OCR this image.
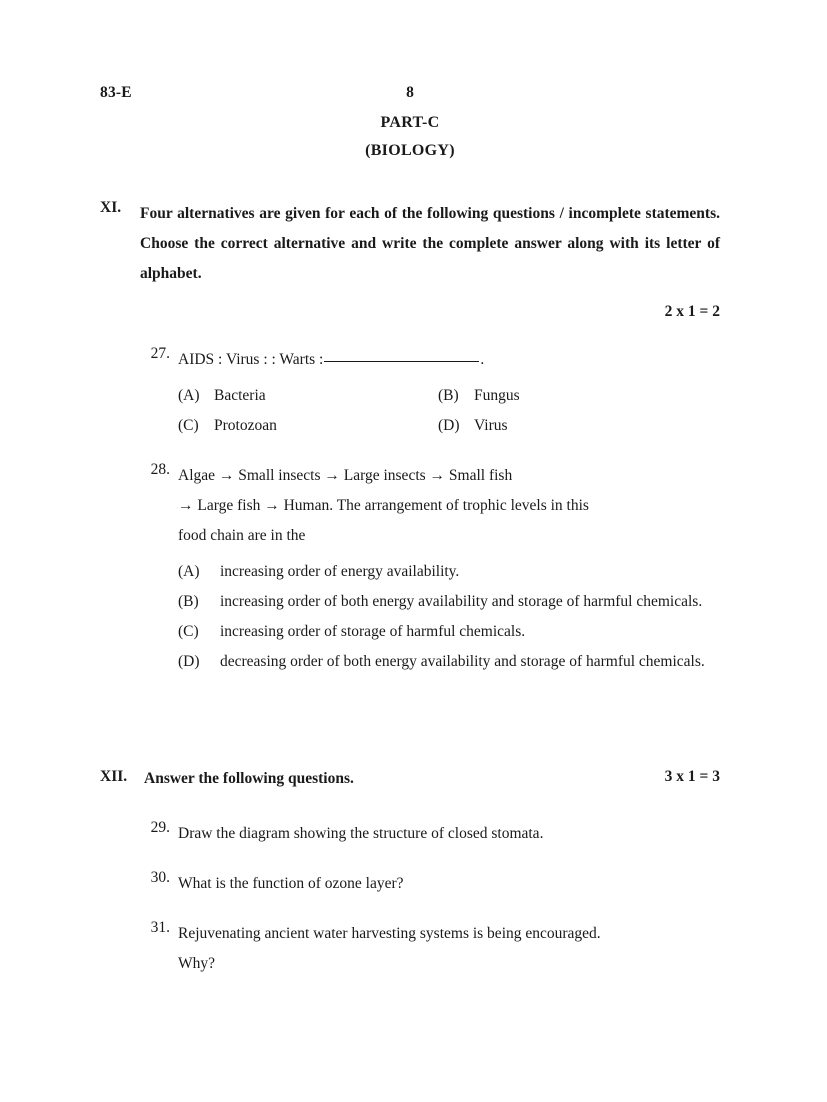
83-E	8
PART-C
(BIOLOGY)
XI. Four alternatives are given for each of the following questions / incomplete statements. Choose the correct alternative and write the complete answer along with its letter of alphabet.
2 x 1 = 2
27. AIDS : Virus : : Warts :	.
(A) Bacteria	(B) Fungus
(C) Protozoan	(D) Virus
28. Algae → Small insects → Large insects → Small fish
→ Large fish → Human. The arrangement of trophic levels in this
food chain are in the
(A) increasing order of energy availability.
(B) increasing order of both energy availability and storage of harmful chemicals.
(C) increasing order of storage of harmful chemicals.
(D) decreasing order of both energy availability and storage of harmful chemicals.
XII. Answer the following questions.	3 x 1 = 3
29. Draw the diagram showing the structure of closed stomata.
30. What is the function of ozone layer?
31. Rejuvenating ancient water harvesting systems is being encouraged.
Why?
